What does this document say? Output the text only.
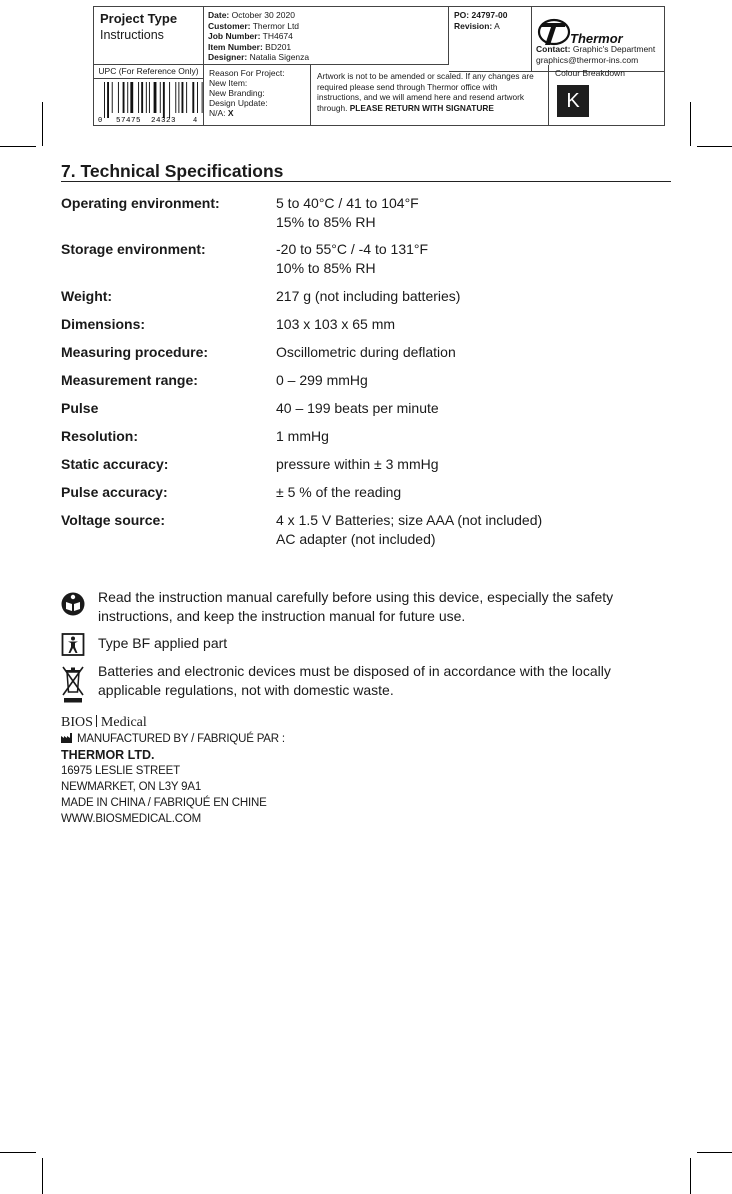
Project Type
Instructions
Date: October 30 2020
Customer: Thermor Ltd
Job Number: TH4674
Item Number: BD201
Designer: Natalia Sigenza
PO: 24797-00
Revision: A
Thermor
Contact: Graphic's Department
graphics@thermor-ins.com
UPC (For Reference Only)
0 57475 24323 4
Reason For Project:
New Item:
New Branding:
Design Update:
N/A: X
Artwork is not to be amended or scaled. If any changes are required please send through Thermor office with instructions, and we will amend here and resend artwork through. PLEASE RETURN WITH SIGNATURE
Colour Breakdown
K
7. Technical Specifications
Operating environment:	5 to 40°C / 41 to 104°F
15% to 85% RH
Storage environment:	-20 to 55°C / -4 to 131°F
10% to 85% RH
Weight:	217 g (not including batteries)
Dimensions:	103 x 103 x 65 mm
Measuring procedure:	Oscillometric during deflation
Measurement range:	0 – 299 mmHg
Pulse	40 – 199 beats per minute
Resolution:	1 mmHg
Static accuracy:	pressure within ± 3 mmHg
Pulse accuracy:	± 5 % of the reading
Voltage source:	4 x 1.5 V Batteries; size AAA (not included)
AC adapter (not included)
Read the instruction manual carefully before using this device, especially the safety instructions, and keep the instruction manual for future use.
Type BF applied part
Batteries and electronic devices must be disposed of in accordance with the locally applicable regulations, not with domestic waste.
BIOS Medical
MANUFACTURED BY / FABRIQUÉ PAR :
THERMOR LTD.
16975 LESLIE STREET
NEWMARKET, ON L3Y 9A1
MADE IN CHINA / FABRIQUÉ EN CHINE
WWW.BIOSMEDICAL.COM
